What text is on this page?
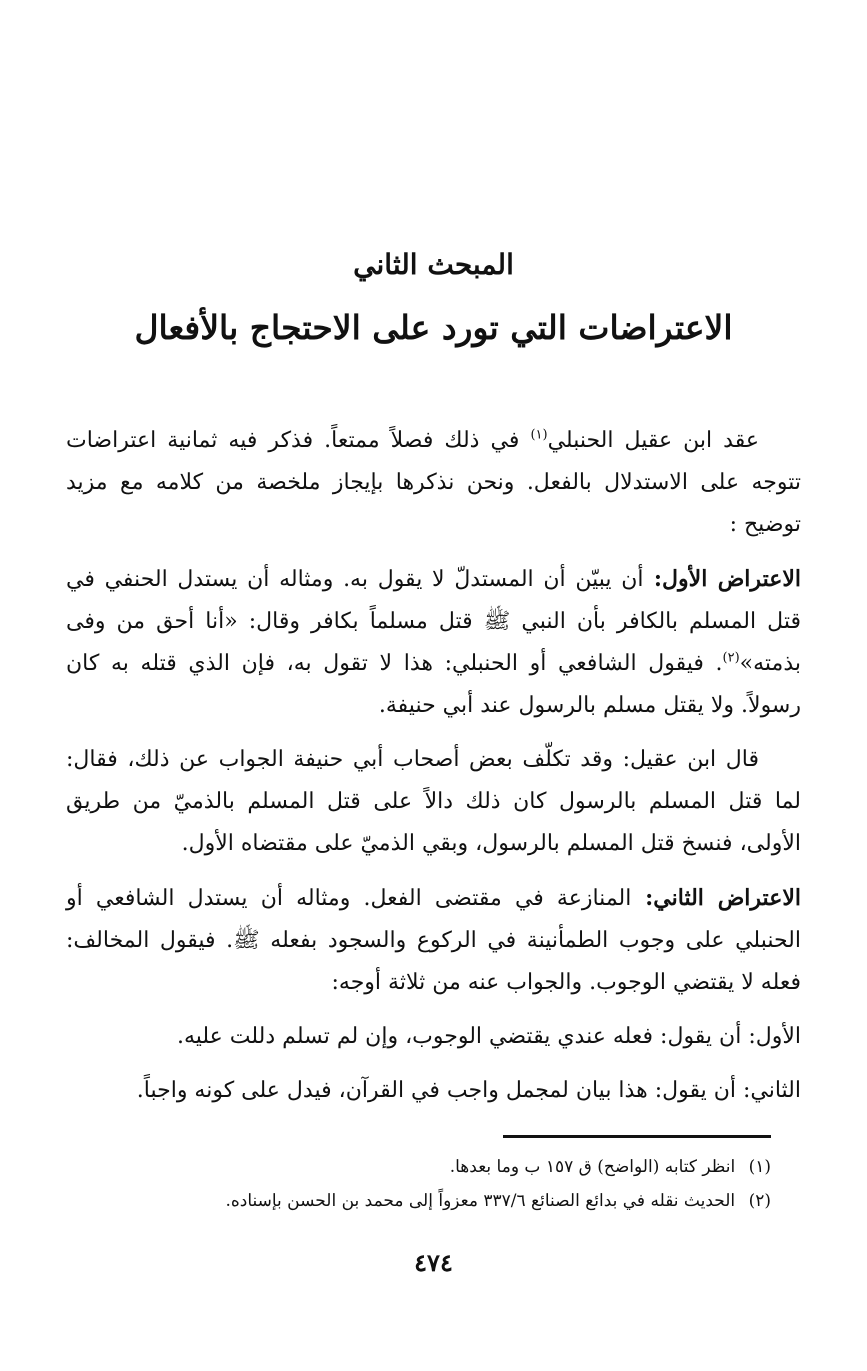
المبحث الثاني
الاعتراضات التي تورد على الاحتجاج بالأفعال

عقد ابن عقيل الحنبلي$^{(١)}$ في ذلك فصلاً ممتعاً. فذكر فيه ثمانية اعتراضات تتوجه على الاستدلال بالفعل. ونحن نذكرها بإيجاز ملخصة من كلامه مع مزيد توضيح :

الاعتراض الأول: أن يبيّن أن المستدلّ لا يقول به. ومثاله أن يستدل الحنفي في قتل المسلم بالكافر بأن النبي ﷺ قتل مسلماً بكافر وقال: «أنا أحق من وفى بذمته»$^{(٢)}$. فيقول الشافعي أو الحنبلي: هذا لا تقول به، فإن الذي قتله به كان رسولاً. ولا يقتل مسلم بالرسول عند أبي حنيفة.

قال ابن عقيل: وقد تكلّف بعض أصحاب أبي حنيفة الجواب عن ذلك، فقال: لما قتل المسلم بالرسول كان ذلك دالاً على قتل المسلم بالذميّ من طريق الأولى، فنسخ قتل المسلم بالرسول، وبقي الذميّ على مقتضاه الأول.

الاعتراض الثاني: المنازعة في مقتضى الفعل. ومثاله أن يستدل الشافعي أو الحنبلي على وجوب الطمأنينة في الركوع والسجود بفعله ﷺ. فيقول المخالف: فعله لا يقتضي الوجوب. والجواب عنه من ثلاثة أوجه:

الأول: أن يقول: فعله عندي يقتضي الوجوب، وإن لم تسلم دللت عليه.

الثاني: أن يقول: هذا بيان لمجمل واجب في القرآن، فيدل على كونه واجباً.

(١) انظر كتابه (الواضح) ق ١٥٧ ب وما بعدها.

(٢) الحديث نقله في بدائع الصنائع ٣٣٧/٦ معزواً إلى محمد بن الحسن بإسناده.

٤٧٤
